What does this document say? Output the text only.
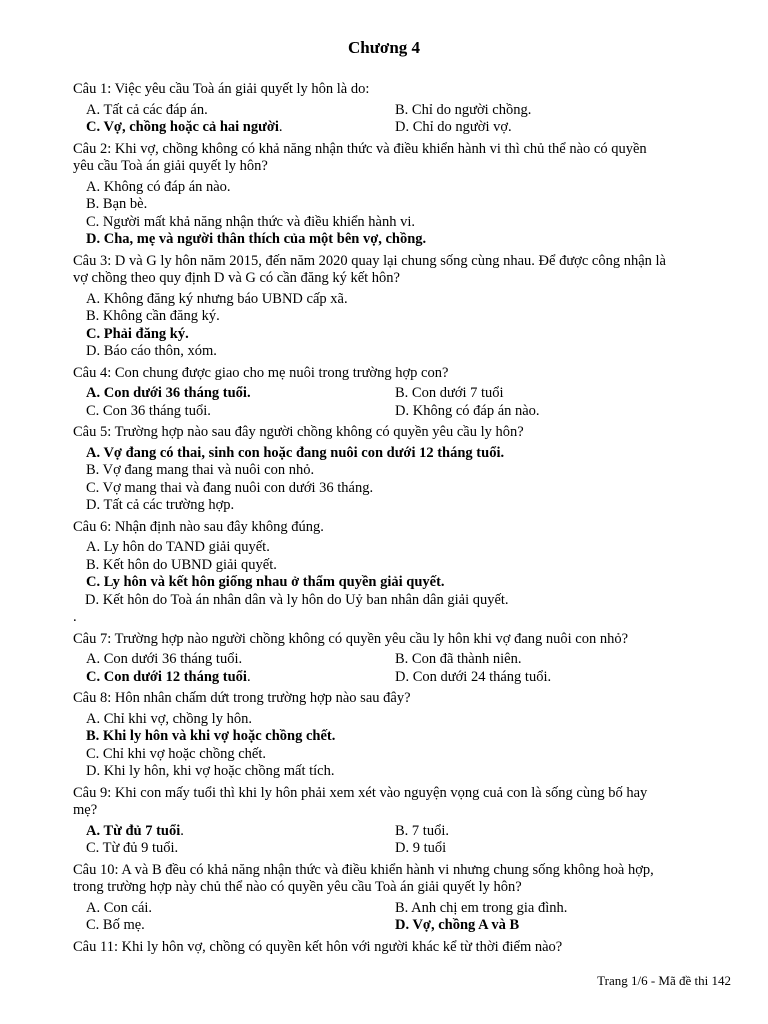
Chương 4
Câu 1: Việc yêu cầu Toà án giải quyết ly hôn là do:
A. Tất cả các đáp án.	B. Chỉ do người chồng.
C. Vợ, chồng hoặc cả hai người.	D. Chỉ do người vợ.
Câu 2: Khi vợ, chồng không có khả năng nhận thức và điều khiển hành vi thì chủ thể nào có quyền
yêu cầu Toà án giải quyết ly hôn?
A. Không có đáp án nào.
B. Bạn bè.
C. Người mất khả năng nhận thức và điều khiển hành vi.
D. Cha, mẹ và người thân thích của một bên vợ, chồng.
Câu 3: D và G ly hôn năm 2015, đến năm 2020 quay lại chung sống cùng nhau. Để được công nhận là
vợ chồng theo quy định D và G có cần đăng ký kết hôn?
A. Không đăng ký nhưng báo UBND cấp xã.
B. Không cần đăng ký.
C. Phải đăng ký.
D. Báo cáo thôn, xóm.
Câu 4: Con chung được giao cho mẹ nuôi trong trường hợp con?
A. Con dưới 36 tháng tuổi.	B. Con dưới 7 tuổi
C. Con 36 tháng tuổi.	D. Không có đáp án nào.
Câu 5: Trường hợp nào sau đây người chồng không có quyền yêu cầu ly hôn?
A. Vợ đang có thai, sinh con hoặc đang nuôi con dưới 12 tháng tuổi.
B. Vợ đang mang thai và nuôi con nhỏ.
C. Vợ mang thai và đang nuôi con dưới 36 tháng.
D. Tất cả các trường hợp.
Câu 6: Nhận định nào sau đây không đúng.
A. Ly hôn do TAND giải quyết.
B. Kết hôn do UBND giải quyết.
C. Ly hôn và kết hôn giống nhau ở thẩm quyền giải quyết.
D. Kết hôn do Toà án nhân dân và ly hôn do Uỷ ban nhân dân giải quyết.
.
Câu 7: Trường hợp nào người chồng không có quyền yêu cầu ly hôn khi vợ đang nuôi con nhỏ?
A. Con dưới 36 tháng tuổi.	B. Con đã thành niên.
C. Con dưới 12 tháng tuổi.	D. Con dưới 24 tháng tuổi.
Câu 8: Hôn nhân chấm dứt trong trường hợp nào sau đây?
A. Chỉ khi vợ, chồng ly hôn.
B. Khi ly hôn và khi vợ hoặc chồng chết.
C. Chỉ khi vợ hoặc chồng chết.
D. Khi ly hôn, khi vợ hoặc chồng mất tích.
Câu 9: Khi con mấy tuổi thì khi ly hôn phải xem xét vào nguyện vọng cuả con là sống cùng bố hay
mẹ?
A. Từ đủ 7 tuổi.	B. 7 tuổi.
C. Từ đủ 9 tuổi.	D. 9 tuổi
Câu 10: A và B đều có khả năng nhận thức và điều khiển hành vi nhưng chung sống không hoà hợp,
trong trường hợp này chủ thể nào có quyền yêu cầu Toà án giải quyết ly hôn?
A. Con cái.	B. Anh chị em trong gia đình.
C. Bố mẹ.	D. Vợ, chồng A và B
Câu 11: Khi ly hôn vợ, chồng có quyền kết hôn với người khác kể từ thời điểm nào?
Trang 1/6 - Mã đề thi 142
